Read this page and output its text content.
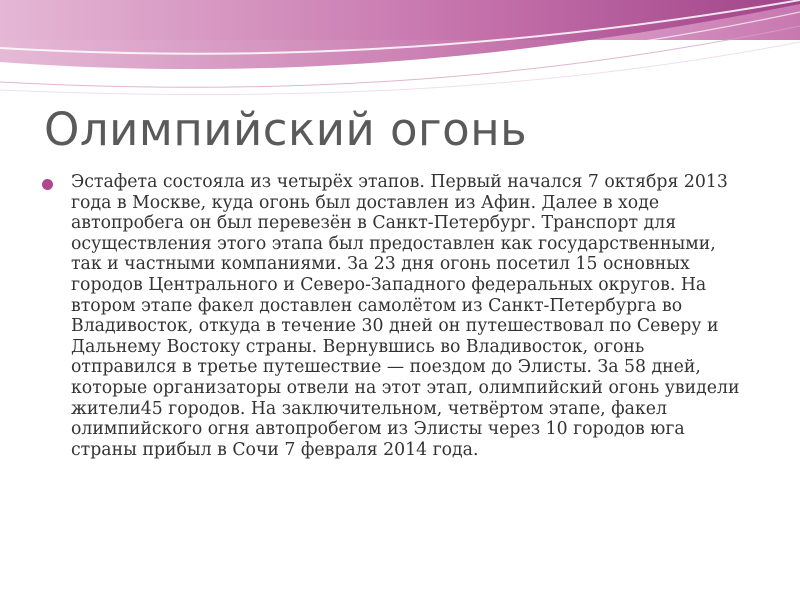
Олимпийский огонь

Эстафета состояла из четырёх этапов. Первый начался 7 октября 2013 года в Москве, куда огонь был доставлен из Афин. Далее в ходе автопробега он был перевезён в Санкт-Петербург. Транспорт для осуществления этого этапа был предоставлен как государственными, так и частными компаниями. За 23 дня огонь посетил 15 основных городов Центрального и Северо-Западного федеральных округов. На втором этапе факел доставлен самолётом из Санкт-Петербурга во Владивосток, откуда в течение 30 дней он путешествовал по Северу и Дальнему Востоку страны. Вернувшись во Владивосток, огонь отправился в третье путешествие — поездом до Элисты. За 58 дней, которые организаторы отвели на этот этап, олимпийский огонь увидели жители45 городов. На заключительном, четвёртом этапе, факел олимпийского огня автопробегом из Элисты через 10 городов юга страны прибыл в Сочи 7 февраля 2014 года.
